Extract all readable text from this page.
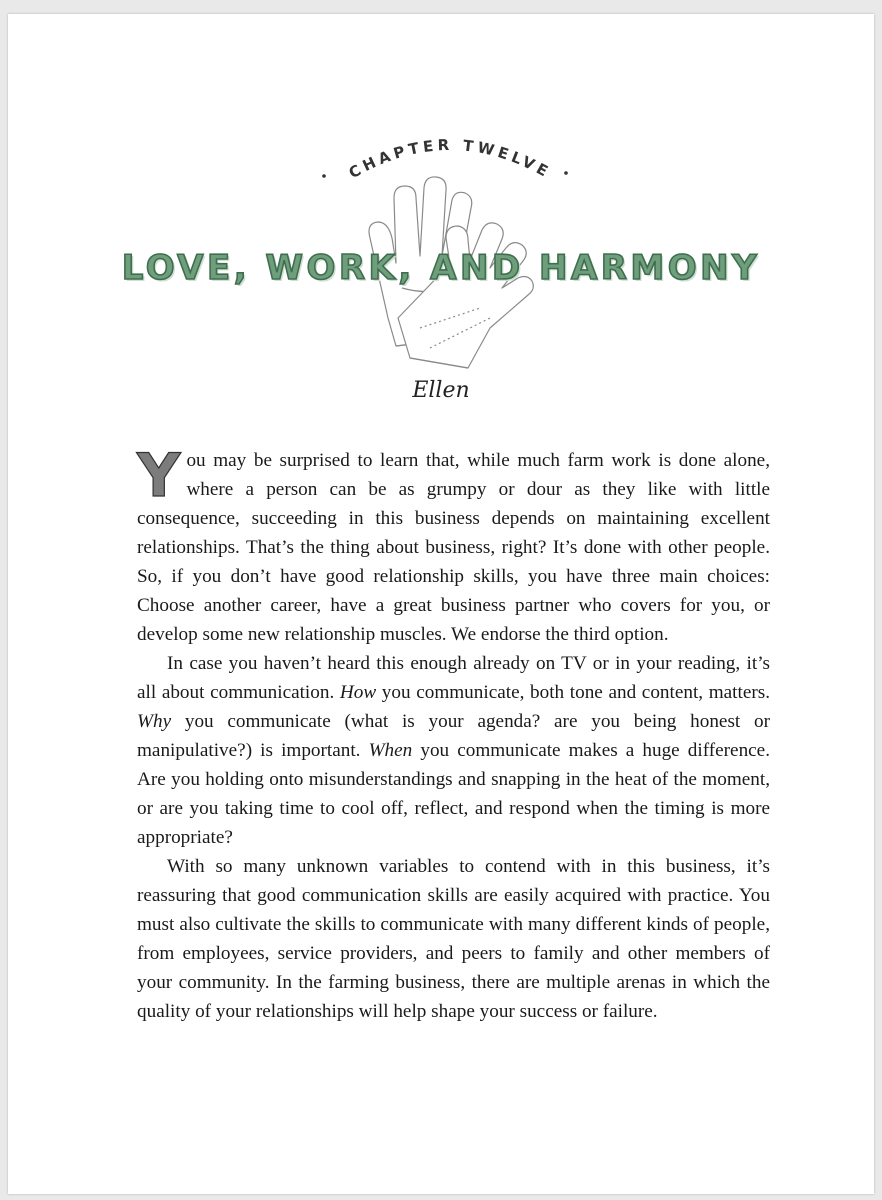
CHAPTER TWELVE
LOVE, WORK, AND HARMONY
Ellen

You may be surprised to learn that, while much farm work is done alone, where a person can be as grumpy or dour as they like with little consequence, succeeding in this business depends on maintaining excellent relationships. That’s the thing about business, right? It’s done with other people. So, if you don’t have good relationship skills, you have three main choices: Choose another career, have a great business partner who covers for you, or develop some new relationship muscles. We endorse the third option.

In case you haven’t heard this enough already on TV or in your reading, it’s all about communication. How you communicate, both tone and content, matters. Why you communicate (what is your agenda? are you being honest or manipulative?) is important. When you communicate makes a huge difference. Are you holding onto misunderstandings and snapping in the heat of the moment, or are you taking time to cool off, reflect, and respond when the timing is more appropriate?

With so many unknown variables to contend with in this business, it’s reassuring that good communication skills are easily acquired with practice. You must also cultivate the skills to communicate with many different kinds of people, from employees, service providers, and peers to family and other members of your community. In the farming business, there are multiple arenas in which the quality of your relationships will help shape your success or failure.
